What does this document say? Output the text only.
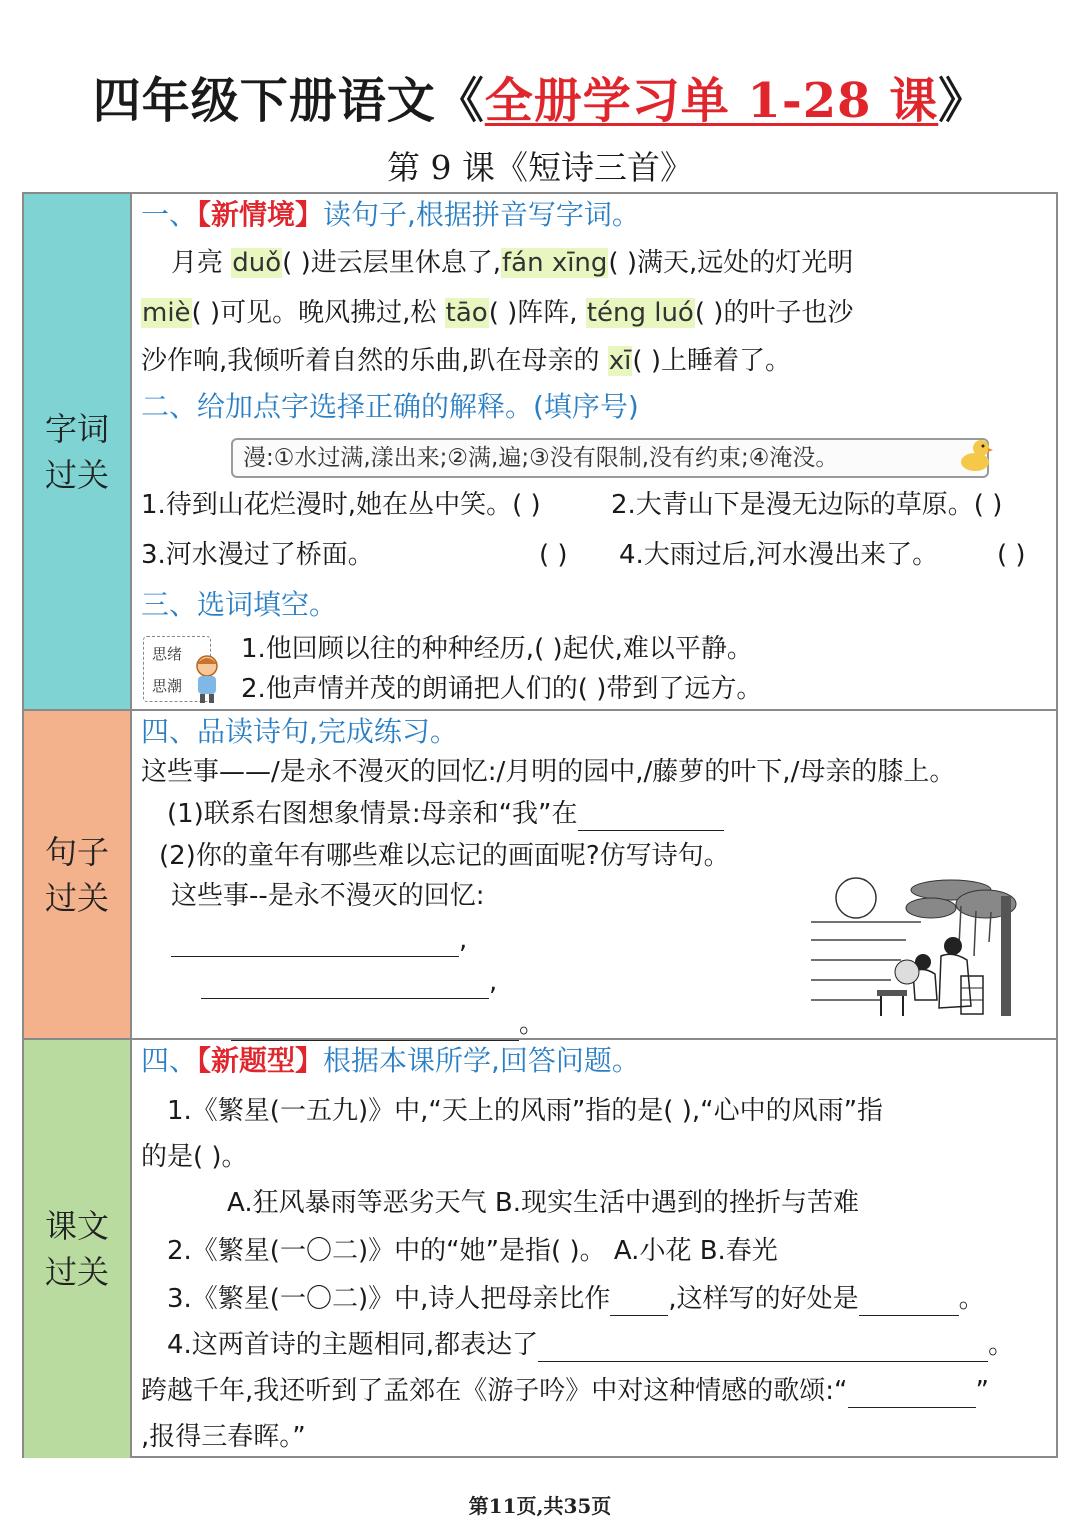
四年级下册语文《全册学习单 1-28 课》
第 9 课《短诗三首》
字词
过关
一、【新情境】读句子,根据拼音写字词。
月亮 duǒ( )进云层里休息了,fán xīng( )满天,远处的灯光明
miè( )可见。晚风拂过,松 tāo( )阵阵, téng luó( )的叶子也沙
沙作响,我倾听着自然的乐曲,趴在母亲的 xī( )上睡着了。
二、给加点字选择正确的解释。(填序号)
漫:①水过满,漾出来;②满,遍;③没有限制,没有约束;④淹没。
1.待到山花烂漫时,她在丛中笑。( )	2.大青山下是漫无边际的草原。( )
3.河水漫过了桥面。	( ) 4.大雨过后,河水漫出来了。 ( )
三、选词填空。
思绪
思潮
1.他回顾以往的种种经历,( )起伏,难以平静。
2.他声情并茂的朗诵把人们的( )带到了远方。
句子
过关
四、品读诗句,完成练习。
这些事——/是永不漫灭的回忆:/月明的园中,/藤萝的叶下,/母亲的膝上。
(1)联系右图想象情景:母亲和“我”在
(2)你的童年有哪些难以忘记的画面呢?仿写诗句。
这些事--是永不漫灭的回忆:
,
,
。
课文
过关
四、【新题型】根据本课所学,回答问题。
1.《繁星(一五九)》中,“天上的风雨”指的是( ),“心中的风雨”指
的是( )。
A.狂风暴雨等恶劣天气 B.现实生活中遇到的挫折与苦难
2.《繁星(一〇二)》中的“她”是指( )。 A.小花 B.春光
3.《繁星(一〇二)》中,诗人把母亲比作 ,这样写的好处是	。
4.这两首诗的主题相同,都表达了	。
跨越千年,我还听到了孟郊在《游子吟》中对这种情感的歌颂:“	”
,报得三春晖。”
第11页,共35页
